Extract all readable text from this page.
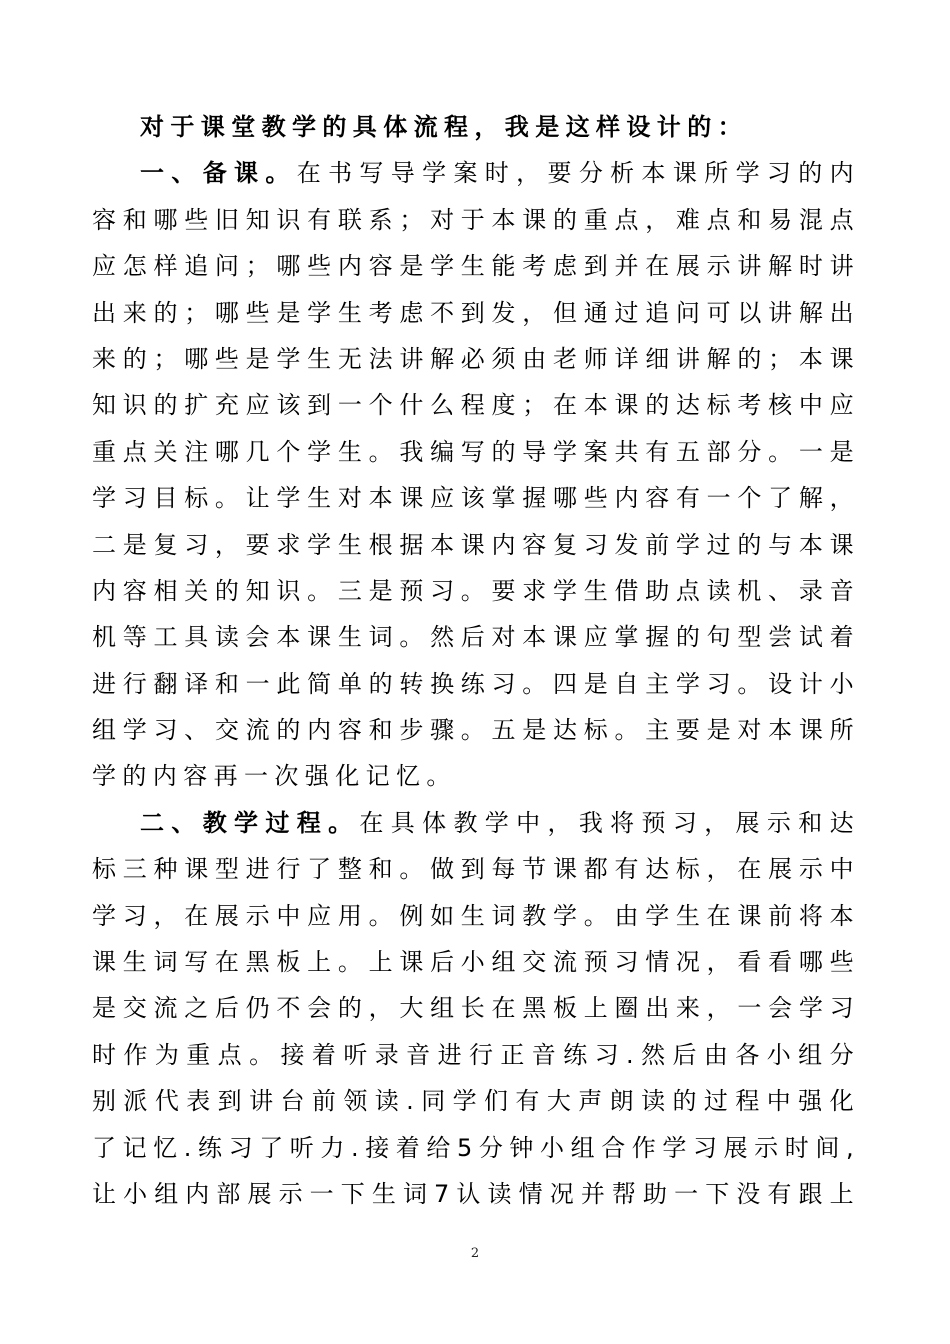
对于课堂教学的具体流程，我是这样设计的：
一、备课。在书写导学案时，要分析本课所学习的内
容和哪些旧知识有联系；对于本课的重点，难点和易混点
应怎样追问；哪些内容是学生能考虑到并在展示讲解时讲
出来的；哪些是学生考虑不到发，但通过追问可以讲解出
来的；哪些是学生无法讲解必须由老师详细讲解的；本课
知识的扩充应该到一个什么程度；在本课的达标考核中应
重点关注哪几个学生。我编写的导学案共有五部分。一是
学习目标。让学生对本课应该掌握哪些内容有一个了解，
二是复习，要求学生根据本课内容复习发前学过的与本课
内容相关的知识。三是预习。要求学生借助点读机、录音
机等工具读会本课生词。然后对本课应掌握的句型尝试着
进行翻译和一此简单的转换练习。四是自主学习。设计小
组学习、交流的内容和步骤。五是达标。主要是对本课所
学的内容再一次强化记忆。
二、教学过程。在具体教学中，我将预习，展示和达
标三种课型进行了整和。做到每节课都有达标，在展示中
学习，在展示中应用。例如生词教学。由学生在课前将本
课生词写在黑板上。上课后小组交流预习情况，看看哪些
是交流之后仍不会的，大组长在黑板上圈出来，一会学习
时作为重点。接着听录音进行正音练习.然后由各小组分
别派代表到讲台前领读.同学们有大声朗读的过程中强化
了记忆.练习了听力.接着给5分钟小组合作学习展示时间,
让小组内部展示一下生词7认读情况并帮助一下没有跟上
2
